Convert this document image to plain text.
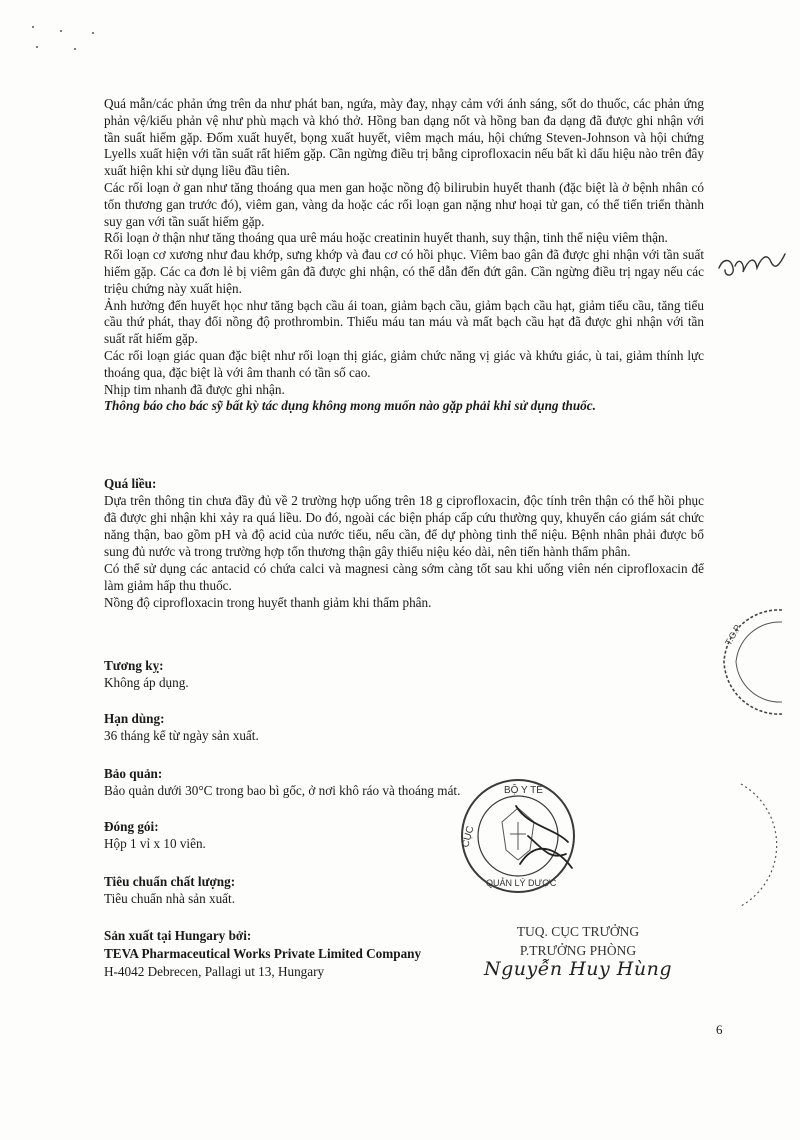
Quá mẫn/các phản ứng trên da như phát ban, ngứa, mày đay, nhạy cảm với ánh sáng, sốt do thuốc, các phản ứng phản vệ/kiểu phản vệ như phù mạch và khó thở. Hồng ban dạng nốt và hồng ban đa dạng đã được ghi nhận với tần suất hiếm gặp. Đốm xuất huyết, bọng xuất huyết, viêm mạch máu, hội chứng Steven-Johnson và hội chứng Lyells xuất hiện với tần suất rất hiếm gặp. Cần ngừng điều trị bằng ciprofloxacin nếu bất kì dấu hiệu nào trên đây xuất hiện khi sử dụng liều đầu tiên.

Các rối loạn ở gan như tăng thoáng qua men gan hoặc nồng độ bilirubin huyết thanh (đặc biệt là ở bệnh nhân có tổn thương gan trước đó), viêm gan, vàng da hoặc các rối loạn gan nặng như hoại tử gan, có thể tiến triển thành suy gan với tần suất hiếm gặp.

Rối loạn ở thận như tăng thoáng qua urê máu hoặc creatinin huyết thanh, suy thận, tinh thể niệu viêm thận.

Rối loạn cơ xương như đau khớp, sưng khớp và đau cơ có hồi phục. Viêm bao gân đã được ghi nhận với tần suất hiếm gặp. Các ca đơn lẻ bị viêm gân đã được ghi nhận, có thể dẫn đến đứt gân. Cần ngừng điều trị ngay nếu các triệu chứng này xuất hiện.

Ảnh hưởng đến huyết học như tăng bạch cầu ái toan, giảm bạch cầu, giảm bạch cầu hạt, giảm tiểu cầu, tăng tiểu cầu thứ phát, thay đổi nồng độ prothrombin. Thiếu máu tan máu và mất bạch cầu hạt đã được ghi nhận với tần suất rất hiếm gặp.

Các rối loạn giác quan đặc biệt như rối loạn thị giác, giảm chức năng vị giác và khứu giác, ù tai, giảm thính lực thoáng qua, đặc biệt là với âm thanh có tần số cao.

Nhịp tim nhanh đã được ghi nhận.

Thông báo cho bác sỹ bất kỳ tác dụng không mong muốn nào gặp phải khi sử dụng thuốc.

Quá liều:

Dựa trên thông tin chưa đầy đủ về 2 trường hợp uống trên 18 g ciprofloxacin, độc tính trên thận có thể hồi phục đã được ghi nhận khi xảy ra quá liều. Do đó, ngoài các biện pháp cấp cứu thường quy, khuyến cáo giám sát chức năng thận, bao gồm pH và độ acid của nước tiểu, nếu cần, để dự phòng tinh thể niệu. Bệnh nhân phải được bổ sung đủ nước và trong trường hợp tổn thương thận gây thiểu niệu kéo dài, nên tiến hành thẩm phân.

Có thể sử dụng các antacid có chứa calci và magnesi càng sớm càng tốt sau khi uống viên nén ciprofloxacin để làm giảm hấp thu thuốc.

Nồng độ ciprofloxacin trong huyết thanh giảm khi thẩm phân.

Tương kỵ:

Không áp dụng.

Hạn dùng:

36 tháng kể từ ngày sản xuất.

Bảo quản:

Bảo quản dưới 30°C trong bao bì gốc, ở nơi khô ráo và thoáng mát.

Đóng gói:

Hộp 1 vỉ x 10 viên.

Tiêu chuẩn chất lượng:

Tiêu chuẩn nhà sản xuất.

Sản xuất tại Hungary bởi:

TEVA Pharmaceutical Works Private Limited Company

H-4042 Debrecen, Pallagi ut 13, Hungary

T.C.P
BỘ Y TẾ
CỤC
QUẢN LÝ DƯỢC
TUQ. CỤC TRƯỞNG
P.TRƯỞNG PHÒNG
Nguyễn Huy Hùng
6
